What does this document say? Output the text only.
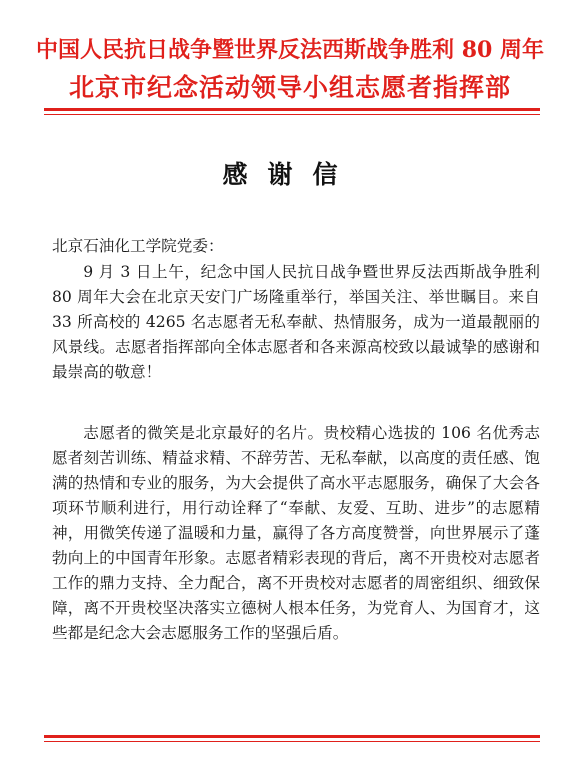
中国人民抗日战争暨世界反法西斯战争胜利 80 周年
北京市纪念活动领导小组志愿者指挥部
感谢信
北京石油化工学院党委：

9 月 3 日上午，纪念中国人民抗日战争暨世界反法西斯战争胜利 80 周年大会在北京天安门广场隆重举行，举国关注、举世瞩目。来自 33 所高校的 4265 名志愿者无私奉献、热情服务，成为一道最靓丽的风景线。志愿者指挥部向全体志愿者和各来源高校致以最诚挚的感谢和最崇高的敬意！

志愿者的微笑是北京最好的名片。贵校精心选拔的 106 名优秀志愿者刻苦训练、精益求精、不辞劳苦、无私奉献，以高度的责任感、饱满的热情和专业的服务，为大会提供了高水平志愿服务，确保了大会各项环节顺利进行，用行动诠释了“奉献、友爱、互助、进步”的志愿精神，用微笑传递了温暖和力量，赢得了各方高度赞誉，向世界展示了蓬勃向上的中国青年形象。志愿者精彩表现的背后，离不开贵校对志愿者工作的鼎力支持、全力配合，离不开贵校对志愿者的周密组织、细致保障，离不开贵校坚决落实立德树人根本任务，为党育人、为国育才，这些都是纪念大会志愿服务工作的坚强后盾。
